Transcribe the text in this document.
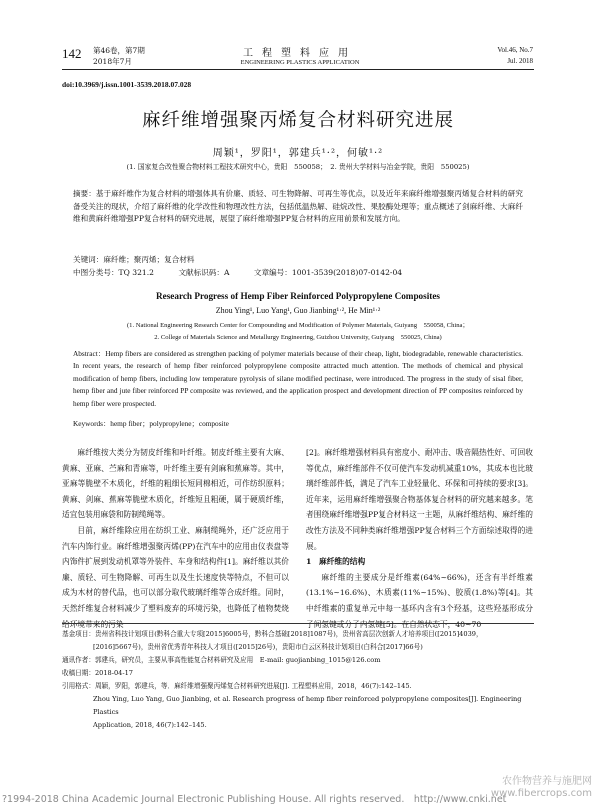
142 第46卷，第7期
2018年7月
工程塑料应用
ENGINEERING PLASTICS APPLICATION
Vol.46, No.7
Jul. 2018
doi:10.3969/j.issn.1001-3539.2018.07.028
麻纤维增强聚丙烯复合材料研究进展
周颖¹，罗阳¹，郭建兵¹·²，何敏¹·²
(1. 国家复合改性聚合物材料工程技术研究中心，贵阳　550058；　2. 贵州大学材料与冶金学院，贵阳　550025)
摘要：基于麻纤维作为复合材料的增强体具有价廉、质轻、可生物降解、可再生等优点，以及近年来麻纤维增强聚丙烯复合材料的研究备受关注的现状，介绍了麻纤维的化学改性和物理改性方法，包括低温热解、硅烷改性、果胶酶处理等；重点概述了剑麻纤维、大麻纤维和黄麻纤维增强PP复合材料的研究进展，展望了麻纤维增强PP复合材料的应用前景和发展方向。
关键词：麻纤维；聚丙烯；复合材料
中图分类号：TQ 321.2	文献标识码：A	文章编号：1001-3539(2018)07-0142-04
Research Progress of Hemp Fiber Reinforced Polypropylene Composites
Zhou Ying¹, Luo Yang¹, Guo Jianbing¹·², He Min¹·²
(1. National Engineering Research Center for Compounding and Modification of Polymer Materials, Guiyang　550058, China；
2. College of Materials Science and Metallurgy Engineering, Guizhou University, Guiyang　550025, China)
Abstract：Hemp fibers are considered as strengthen packing of polymer materials because of their cheap, light, biodegradable, renewable characteristics. In recent years, the research of hemp fiber reinforced polypropylene composite attracted much attention. The methods of chemical and physical modification of hemp fibers, including low temperature pyrolysis of silane modified pectinase, were introduced. The progress in the study of sisal fiber, hemp fiber and jute fiber reinforced PP composite was reviewed, and the application prospect and development direction of PP composites reinforced by hemp fiber were prospected.
Keywords：hemp fiber；polypropylene；composite

麻纤维按大类分为韧皮纤维和叶纤维。韧皮纤维主要有大麻、黄麻、亚麻、苎麻和青麻等，叶纤维主要有剑麻和蕉麻等。其中，亚麻等脆壁不木质化，纤维的粗细长短同棉相近，可作纺织原料；黄麻、剑麻、蕉麻等脆壁木质化，纤维短且粗硬，属于硬质纤维，适宜包装用麻袋和防制缆绳等。

目前，麻纤维除应用在纺织工业、麻制缆绳外，还广泛应用于汽车内饰行业。麻纤维增强聚丙烯(PP)在汽车中的应用由仪表盘等内饰件扩展到发动机罩等外装件、车身和结构件[1]。麻纤维以其价廉、质轻、可生物降解、可再生以及生长速度快等特点，不但可以成为木材的替代品，也可以部分取代玻璃纤维等合成纤维。同时，天然纤维复合材料减少了塑料废弃的环境污染，也降低了植物焚烧给环境带来的污染

[2]。麻纤维增强材料具有密度小、耐冲击、吸音隔热性好、可回收等优点，麻纤维部件不仅可使汽车发动机减重10%，其成本也比玻璃纤维部件低，满足了汽车工业轻量化、环保和可持续的要求[3]。近年来，运用麻纤维增强聚合物基体复合材料的研究越来越多。笔者围绕麻纤维增强PP复合材料这一主题，从麻纤维结构、麻纤维的改性方法及不同种类麻纤维增强PP复合材料三个方面综述取得的进展。

1　麻纤维的结构

麻纤维的主要成分是纤维素(64%~66%)，还含有半纤维素(13.1%~16.6%)、木质素(11%~15%)、胶质(1.8%)等[4]。其中纤维素的重复单元中每一基环内含有3个羟基，这些羟基形成分子间氢键或分子内氢键[5]。在自然状态下，40~70

基金项目：贵州省科技计划项目(黔科合重大专项[2015]6005号，黔科合基础[2018]1087号)，贵州省高层次创新人才培养项目([2015]4039，

[2016]5667号)，贵州省优秀青年科技人才项目([2015]26号)，贵阳市白云区科技计划项目(白科合[2017]66号)

通讯作者：郭建兵，研究员，主要从事高性能复合材料研究及应用　E-mail: guojianbing_1015@126.com

收稿日期：2018-04-17

引用格式：周颖，罗阳，郭建兵，等．麻纤维增强聚丙烯复合材料研究进展[J]. 工程塑料应用，2018，46(7):142–145.

Zhou Ying, Luo Yang, Guo Jianbing, et al. Research progress of hemp fiber reinforced polypropylene composites[J]. Engineering Plastics

Application, 2018, 46(7):142–145.

?1994-2018 China Academic Journal Electronic Publishing House. All rights reserved.　http://www.cnki.net
农作物营养与施肥网
www.fibercrops.com
